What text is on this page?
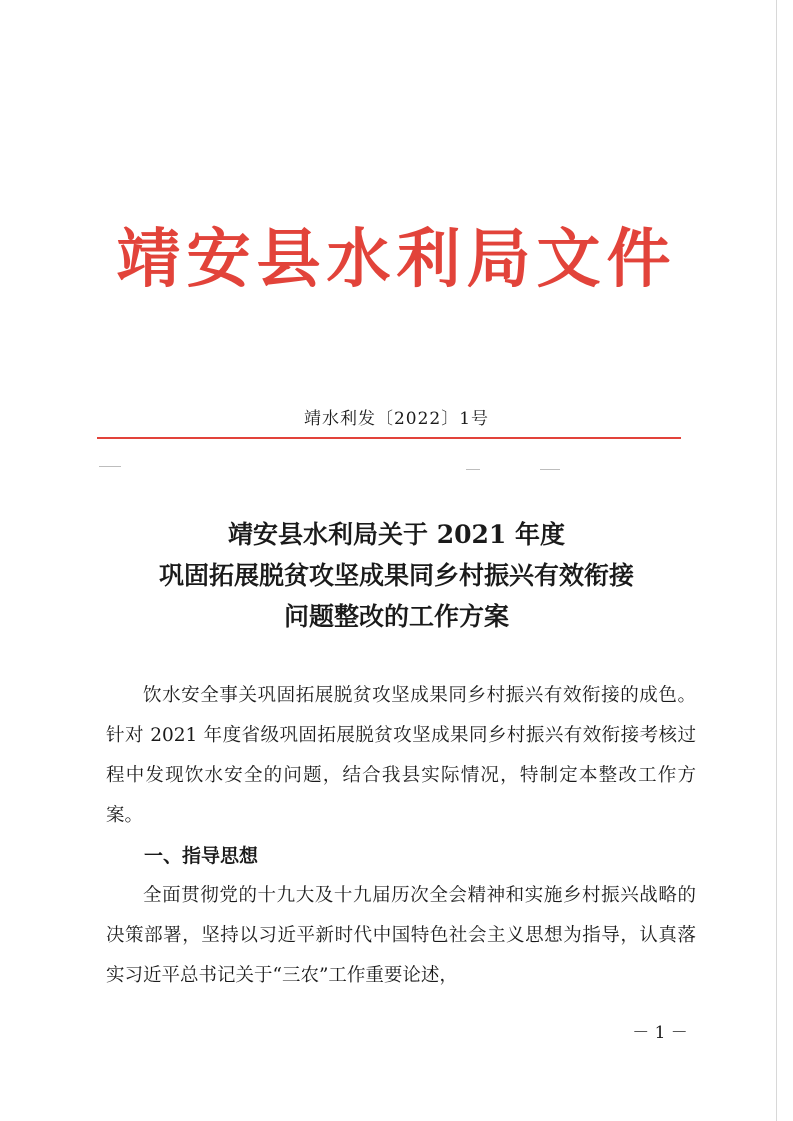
靖安县水利局文件
靖水利发〔2022〕1号
靖安县水利局关于 2021 年度
巩固拓展脱贫攻坚成果同乡村振兴有效衔接
问题整改的工作方案

饮水安全事关巩固拓展脱贫攻坚成果同乡村振兴有效衔接的成色。针对 2021 年度省级巩固拓展脱贫攻坚成果同乡村振兴有效衔接考核过程中发现饮水安全的问题，结合我县实际情况，特制定本整改工作方案。

一、指导思想

全面贯彻党的十九大及十九届历次全会精神和实施乡村振兴战略的决策部署，坚持以习近平新时代中国特色社会主义思想为指导，认真落实习近平总书记关于“三农”工作重要论述，

－ 1 －
